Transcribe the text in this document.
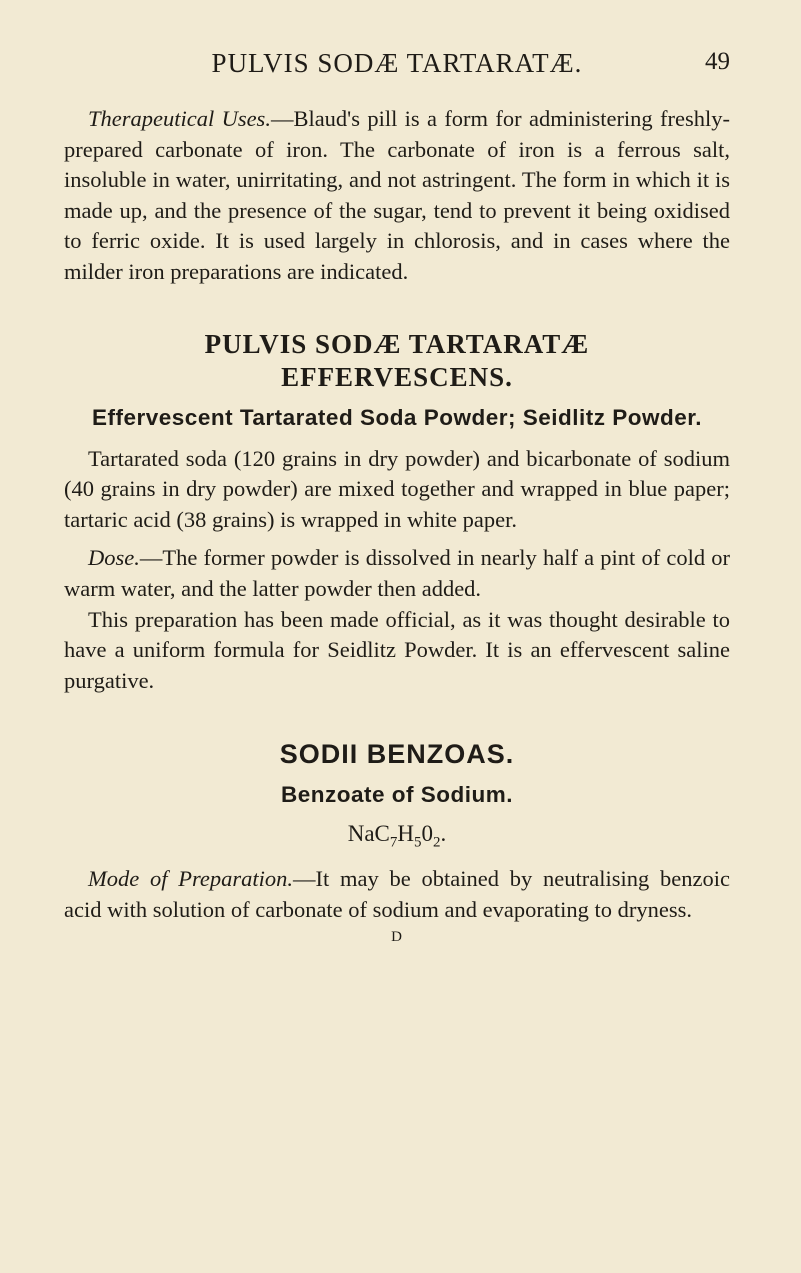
PULVIS SODÆ TARTARATÆ.	49

Therapeutical Uses.—Blaud's pill is a form for administering freshly-prepared carbonate of iron. The carbonate of iron is a ferrous salt, insoluble in water, unirritating, and not astringent. The form in which it is made up, and the presence of the sugar, tend to prevent it being oxidised to ferric oxide. It is used largely in chlorosis, and in cases where the milder iron preparations are indicated.

PULVIS SODÆ TARTARATÆ
EFFERVESCENS.
Effervescent Tartarated Soda Powder; Seidlitz Powder.

Tartarated soda (120 grains in dry powder) and bicarbonate of sodium (40 grains in dry powder) are mixed together and wrapped in blue paper; tartaric acid (38 grains) is wrapped in white paper.

Dose.—The former powder is dissolved in nearly half a pint of cold or warm water, and the latter powder then added.

This preparation has been made official, as it was thought desirable to have a uniform formula for Seidlitz Powder. It is an effervescent saline purgative.

SODII BENZOAS.
Benzoate of Sodium.
$NaC_7H_50_2$.

Mode of Preparation.—It may be obtained by neutralising benzoic acid with solution of carbonate of sodium and evaporating to dryness.

D
